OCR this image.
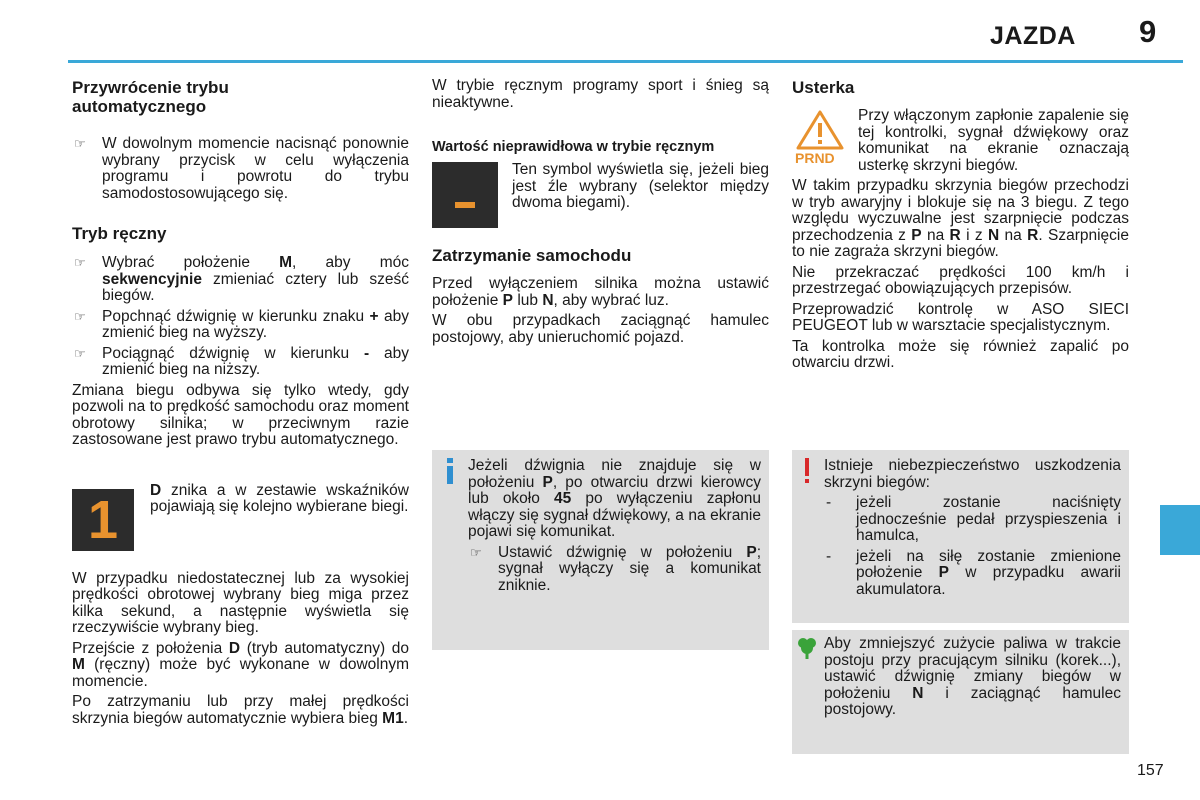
JAZDA 9
Przywrócenie trybu
automatycznego

☞ W dowolnym momencie nacisnąć ponownie wybrany przycisk w celu wyłączenia programu i powrotu do trybu samodostosowującego się.

Tryb ręczny

☞ Wybrać położenie M, aby móc sekwencyjnie zmieniać cztery lub sześć biegów.

☞ Popchnąć dźwignię w kierunku znaku + aby zmienić bieg na wyższy.

☞ Pociągnąć dźwignię w kierunku - aby zmienić bieg na niższy.

Zmiana biegu odbywa się tylko wtedy, gdy pozwoli na to prędkość samochodu oraz moment obrotowy silnika; w przeciwnym razie zastosowane jest prawo trybu automatycznego.

1	D znika a w zestawie wskaźników pojawiają się kolejno wybierane biegi.

W przypadku niedostatecznej lub za wysokiej prędkości obrotowej wybrany bieg miga przez kilka sekund, a następnie wyświetla się rzeczywiście wybrany bieg.

Przejście z położenia D (tryb automatyczny) do M (ręczny) może być wykonane w dowolnym momencie.

Po zatrzymaniu lub przy małej prędkości skrzynia biegów automatycznie wybiera bieg M1.

W trybie ręcznym programy sport i śnieg są nieaktywne.

Wartość nieprawidłowa w trybie ręcznym

Ten symbol wyświetla się, jeżeli bieg jest źle wybrany (selektor między dwoma biegami).

Zatrzymanie samochodu

Przed wyłączeniem silnika można ustawić położenie P lub N, aby wybrać luz.

W obu przypadkach zaciągnąć hamulec postojowy, aby unieruchomić pojazd.

Jeżeli dźwignia nie znajduje się w położeniu P, po otwarciu drzwi kierowcy lub około 45 po wyłączeniu zapłonu włączy się sygnał dźwiękowy, a na ekranie pojawi się komunikat.

☞ Ustawić dźwignię w położeniu P; sygnał wyłączy się a komunikat zniknie.

Usterka
PRND

Przy włączonym zapłonie zapalenie się tej kontrolki, sygnał dźwiękowy oraz komunikat na ekranie oznaczają usterkę skrzyni biegów.

W takim przypadku skrzynia biegów przechodzi w tryb awaryjny i blokuje się na 3 biegu. Z tego względu wyczuwalne jest szarpnięcie podczas przechodzenia z P na R i z N na R. Szarpnięcie to nie zagraża skrzyni biegów.

Nie przekraczać prędkości 100 km/h i przestrzegać obowiązujących przepisów.

Przeprowadzić kontrolę w ASO SIECI PEUGEOT lub w warsztacie specjalistycznym.

Ta kontrolka może się również zapalić po otwarciu drzwi.

Istnieje niebezpieczeństwo uszkodzenia skrzyni biegów:

- jeżeli zostanie naciśnięty jednocześnie pedał przyspieszenia i hamulca,

- jeżeli na siłę zostanie zmienione położenie P w przypadku awarii akumulatora.

Aby zmniejszyć zużycie paliwa w trakcie postoju przy pracującym silniku (korek...), ustawić dźwignię zmiany biegów w położeniu N i zaciągnąć hamulec postojowy.

157
